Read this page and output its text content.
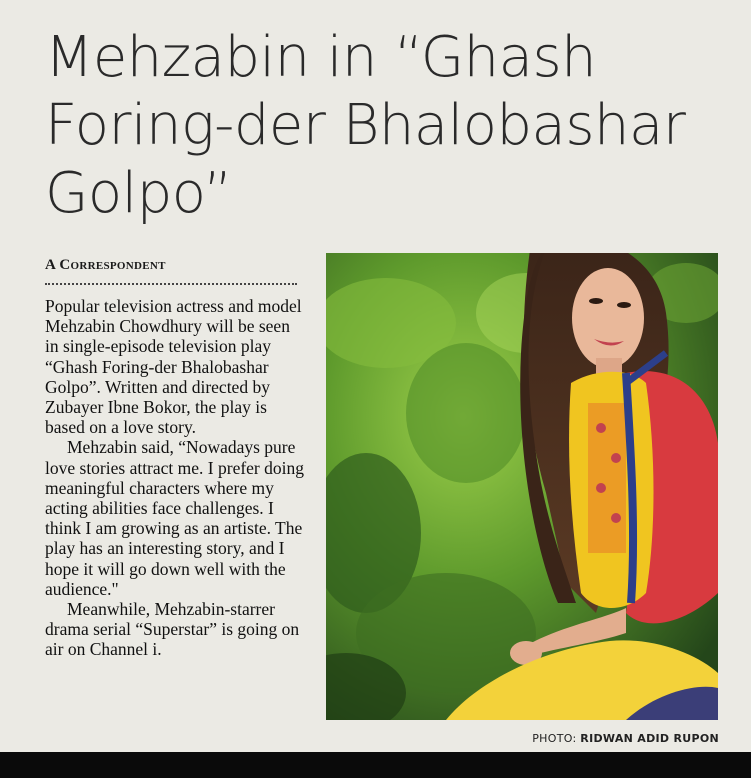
Mehzabin in “Ghash
Foring-der Bhalobashar
Golpo”
A Correspondent

Popular television actress and model Mehzabin Chowdhury will be seen in single-episode television play “Ghash Foring-der Bhalobashar Golpo”. Written and directed by Zubayer Ibne Bokor, the play is based on a love story.

Mehzabin said, “Nowadays pure love stories attract me. I prefer doing meaningful characters where my acting abilities face challenges. I think I am growing as an artiste. The play has an interesting story, and I hope it will go down well with the audience."

Meanwhile, Mehzabin-starrer drama serial “Superstar” is going on air on Channel i.

PHOTO: RIDWAN ADID RUPON
